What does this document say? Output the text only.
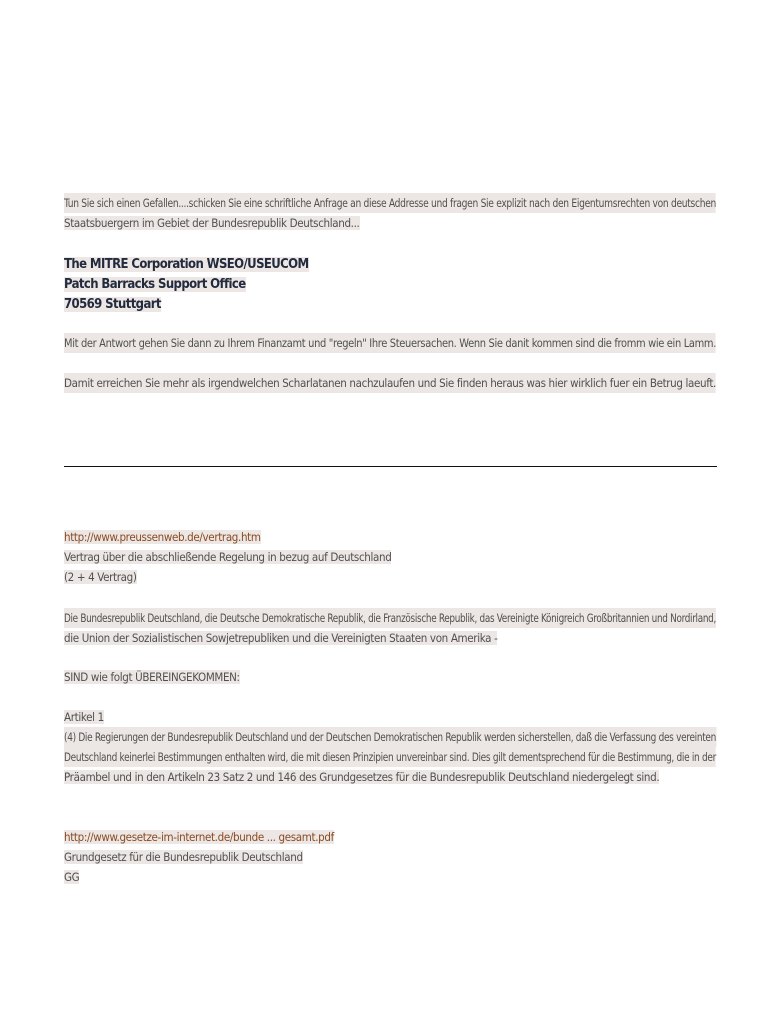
Tun Sie sich einen Gefallen....schicken Sie eine schriftliche Anfrage an diese Addresse und fragen Sie explizit nach den Eigentumsrechten von deutschen
Staatsbuergern im Gebiet der Bundesrepublik Deutschland...
The MITRE Corporation WSEO/USEUCOM
Patch Barracks Support Office
70569 Stuttgart
Mit der Antwort gehen Sie dann zu Ihrem Finanzamt und "regeln" Ihre Steuersachen. Wenn Sie danit kommen sind die fromm wie ein Lamm.
Damit erreichen Sie mehr als irgendwelchen Scharlatanen nachzulaufen und Sie finden heraus was hier wirklich fuer ein Betrug laeuft.
http://www.preussenweb.de/vertrag.htm
Vertrag über die abschließende Regelung in bezug auf Deutschland
(2 + 4 Vertrag)
Die Bundesrepublik Deutschland, die Deutsche Demokratische Republik, die Französische Republik, das Vereinigte Königreich Großbritannien und Nordirland,
die Union der Sozialistischen Sowjetrepubliken und die Vereinigten Staaten von Amerika -
SIND wie folgt ÜBEREINGEKOMMEN:
Artikel 1
(4) Die Regierungen der Bundesrepublik Deutschland und der Deutschen Demokratischen Republik werden sicherstellen, daß die Verfassung des vereinten
Deutschland keinerlei Bestimmungen enthalten wird, die mit diesen Prinzipien unvereinbar sind. Dies gilt dementsprechend für die Bestimmung, die in der
Präambel und in den Artikeln 23 Satz 2 und 146 des Grundgesetzes für die Bundesrepublik Deutschland niedergelegt sind.
http://www.gesetze-im-internet.de/bunde ... gesamt.pdf
Grundgesetz für die Bundesrepublik Deutschland
GG
